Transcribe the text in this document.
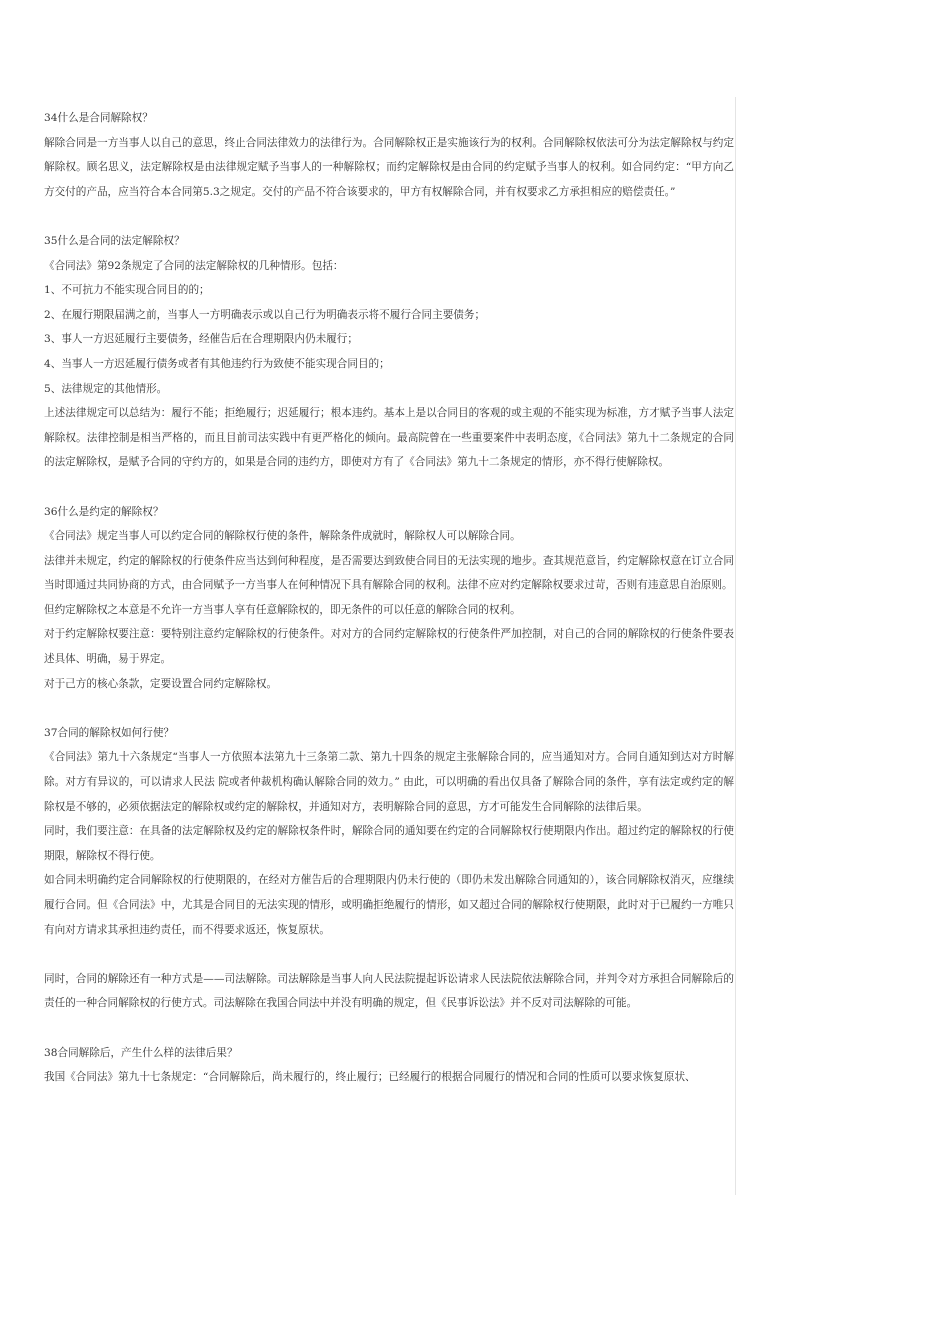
34什么是合同解除权？

解除合同是一方当事人以自己的意思，终止合同法律效力的法律行为。合同解除权正是实施该行为的权利。合同解除权依法可分为法定解除权与约定解除权。顾名思义，法定解除权是由法律规定赋予当事人的一种解除权；而约定解除权是由合同的约定赋予当事人的权利。如合同约定：“甲方向乙方交付的产品，应当符合本合同第5.3之规定。交付的产品不符合该要求的，甲方有权解除合同，并有权要求乙方承担相应的赔偿责任。”

35什么是合同的法定解除权？

《合同法》第92条规定了合同的法定解除权的几种情形。包括：

1、不可抗力不能实现合同目的的；

2、在履行期限届满之前，当事人一方明确表示或以自己行为明确表示将不履行合同主要债务；

3、事人一方迟延履行主要债务，经催告后在合理期限内仍未履行；

4、当事人一方迟延履行债务或者有其他违约行为致使不能实现合同目的；

5、法律规定的其他情形。

上述法律规定可以总结为：履行不能；拒绝履行；迟延履行；根本违约。基本上是以合同目的客观的或主观的不能实现为标准，方才赋予当事人法定解除权。法律控制是相当严格的，而且目前司法实践中有更严格化的倾向。最高院曾在一些重要案件中表明态度，《合同法》第九十二条规定的合同的法定解除权，是赋予合同的守约方的，如果是合同的违约方，即使对方有了《合同法》第九十二条规定的情形，亦不得行使解除权。

36什么是约定的解除权？

《合同法》规定当事人可以约定合同的解除权行使的条件，解除条件成就时，解除权人可以解除合同。

法律并未规定，约定的解除权的行使条件应当达到何种程度，是否需要达到致使合同目的无法实现的地步。查其规范意旨，约定解除权意在订立合同当时即通过共同协商的方式，由合同赋予一方当事人在何种情况下具有解除合同的权利。法律不应对约定解除权要求过苛，否则有违意思自治原则。

但约定解除权之本意是不允许一方当事人享有任意解除权的，即无条件的可以任意的解除合同的权利。

对于约定解除权要注意：要特别注意约定解除权的行使条件。对对方的合同约定解除权的行使条件严加控制，对自己的合同的解除权的行使条件要表述具体、明确，易于界定。

对于己方的核心条款，定要设置合同约定解除权。

37合同的解除权如何行使？

《合同法》第九十六条规定“当事人一方依照本法第九十三条第二款、第九十四条的规定主张解除合同的，应当通知对方。合同自通知到达对方时解除。对方有异议的，可以请求人民法 院或者仲裁机构确认解除合同的效力。” 由此，可以明确的看出仅具备了解除合同的条件，享有法定或约定的解除权是不够的，必须依据法定的解除权或约定的解除权，并通知对方，表明解除合同的意思，方才可能发生合同解除的法律后果。

同时，我们要注意：在具备的法定解除权及约定的解除权条件时，解除合同的通知要在约定的合同解除权行使期限内作出。超过约定的解除权的行使期限，解除权不得行使。

如合同未明确约定合同解除权的行使期限的，在经对方催告后的合理期限内仍未行使的（即仍未发出解除合同通知的），该合同解除权消灭，应继续履行合同。但《合同法》中，尤其是合同目的无法实现的情形，或明确拒绝履行的情形，如又超过合同的解除权行使期限，此时对于已履约一方唯只有向对方请求其承担违约责任，而不得要求返还，恢复原状。

同时，合同的解除还有一种方式是——司法解除。司法解除是当事人向人民法院提起诉讼请求人民法院依法解除合同，并判令对方承担合同解除后的责任的一种合同解除权的行使方式。司法解除在我国合同法中并没有明确的规定，但《民事诉讼法》并不反对司法解除的可能。

38合同解除后，产生什么样的法律后果？

我国《合同法》第九十七条规定：“合同解除后，尚未履行的，终止履行；已经履行的根据合同履行的情况和合同的性质可以要求恢复原状、
